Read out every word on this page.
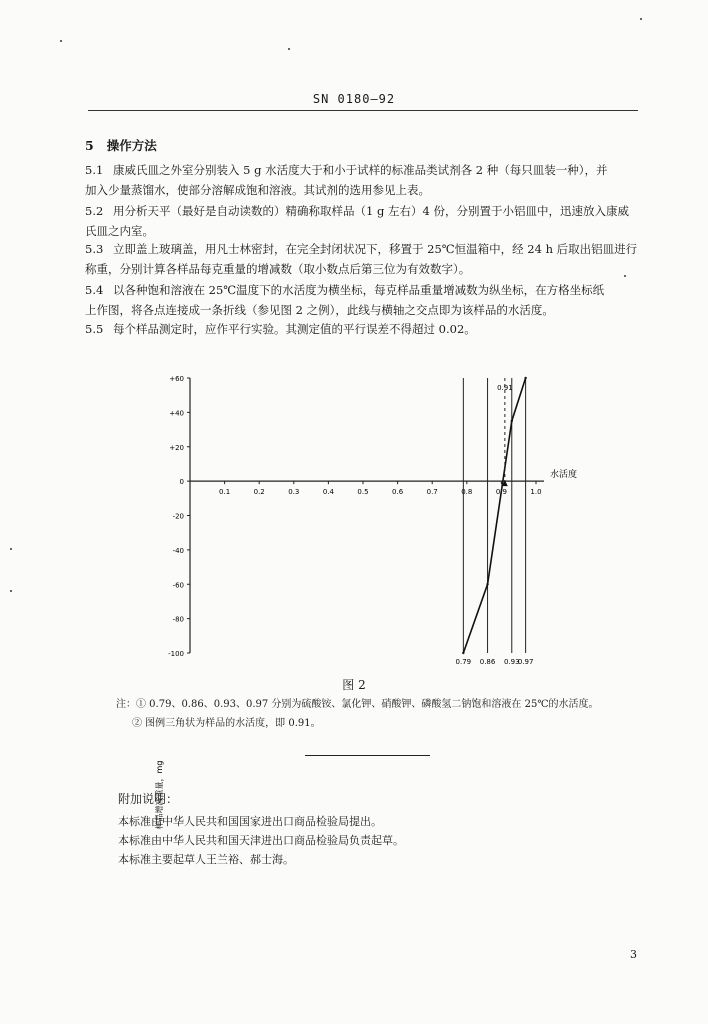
SN 0180—92
5 操作方法
5.1 康威氏皿之外室分别装入 5 g 水活度大于和小于试样的标准品类试剂各 2 种（每只皿装一种），并
加入少量蒸馏水，使部分溶解成饱和溶液。其试剂的选用参见上表。
5.2 用分析天平（最好是自动读数的）精确称取样品（1 g 左右）4 份，分别置于小铝皿中，迅速放入康威
氏皿之内室。
5.3 立即盖上玻璃盖，用凡士林密封，在完全封闭状况下，移置于 25℃恒温箱中，经 24 h 后取出铝皿进行
称重，分别计算各样品每克重量的增减数（取小数点后第三位为有效数字）。
5.4 以各种饱和溶液在 25℃温度下的水活度为横坐标，每克样品重量增减数为纵坐标，在方格坐标纸
上作图，将各点连接成一条折线（参见图 2 之例），此线与横轴之交点即为该样品的水活度。
5.5 每个样品测定时，应作平行实验。其测定值的平行误差不得超过 0.02。
+60
+40
+20
0
-20
-40
-60
-80
-100
0.1	0.2	0.3	0.4	0.5	0.6	0.7	0.8	0.9	1.0
0.79 0.86 0.93
0.97
0.91
样品增减重量，mg
水活度
图 2
注：① 0.79、0.86、0.93、0.97 分别为硫酸铵、氯化钾、硝酸钾、磷酸氢二钠饱和溶液在 25℃的水活度。
② 图例三角状为样品的水活度，即 0.91。
附加说明：
本标准由中华人民共和国国家进出口商品检验局提出。
本标准由中华人民共和国天津进出口商品检验局负责起草。
本标准主要起草人王兰裕、郝士海。
3
